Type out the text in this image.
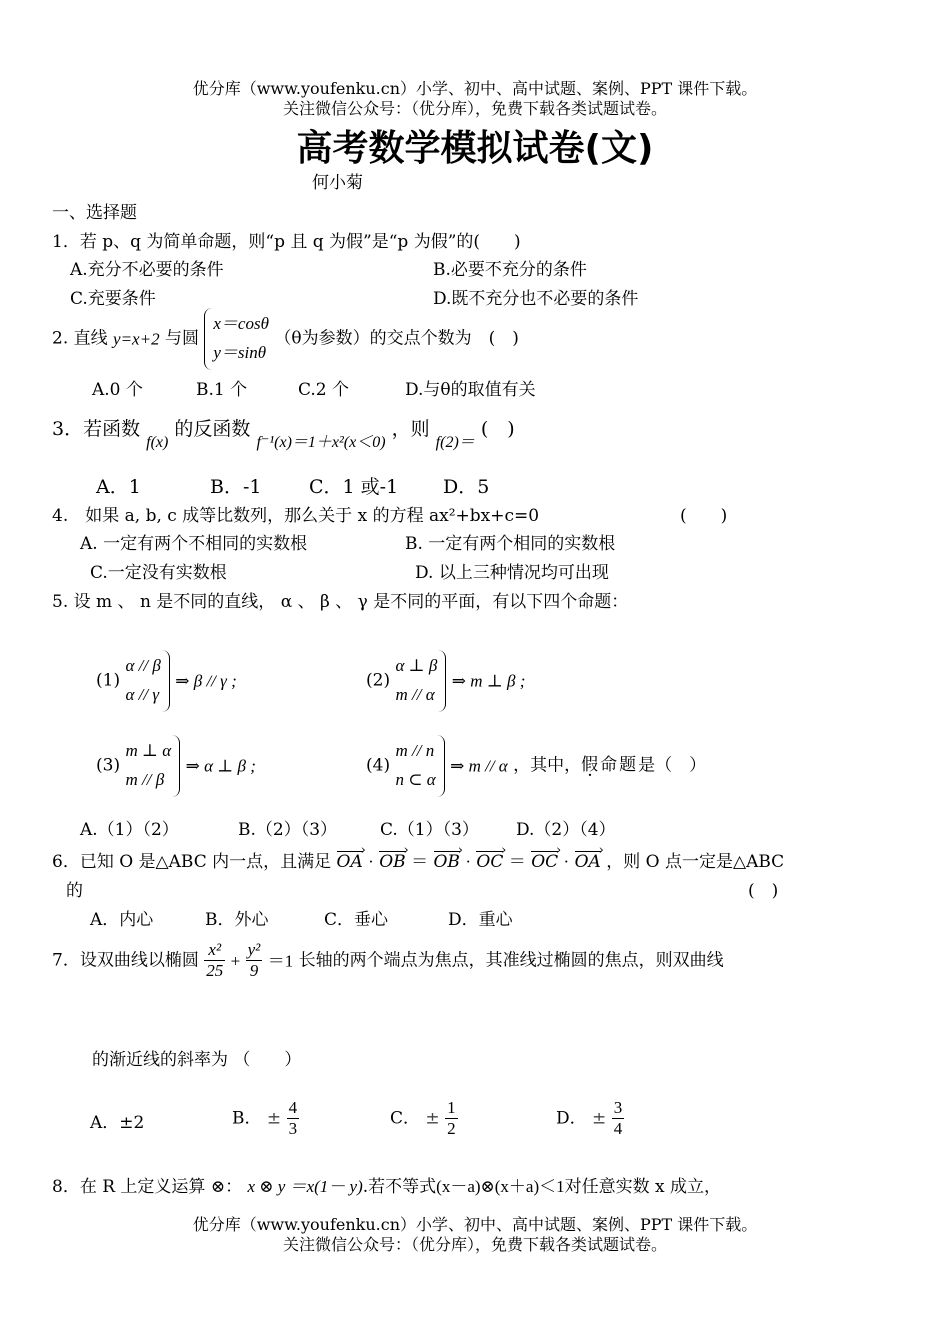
优分库（www.youfenku.cn）小学、初中、高中试题、案例、PPT 课件下载。
关注微信公众号：（优分库），免费下载各类试题试卷。
高考数学模拟试卷(文)
何小菊
一、选择题
1．若 p、q 为简单命题，则“p 且 q 为假”是“p 为假”的(　　)
A.充分不必要的条件	B.必要不充分的条件
C.充要条件	D.既不充分也不必要的条件
2. 直线 y=x+2 与圆
x＝cosθ
y＝sinθ
（θ为参数）的交点个数为　(　)
A.0 个	B.1 个	C.2 个	D.与θ的取值有关
3．若函数 $_{f(x)}$ 的反函数 $_{f^{-1}(x)=1+x^2(x<0)}$ ，则 $_{f(2)=}$ (　)
A．1	B．-1	C．1 或-1 D．5
4.　如果 a, b, c 成等比数列，那么关于 x 的方程 ax²+bx+c=0	(　　)
A. 一定有两个不相同的实数根	B. 一定有两个相同的实数根
C.一定没有实数根	D. 以上三种情况均可出现
5. 设 m 、 n 是不同的直线， α 、 β 、 γ 是不同的平面，有以下四个命题：
(1)
α // β
α // γ
⇒ β // γ ;	(2)
α ⊥ β
m // α
⇒ m ⊥ β ;
(3)
m ⊥ α
m // β
⇒ α ⊥ β ;	(4)
m // n
n ⊂ α
⇒ m // α ，其中，假命题是（　）
A.（1）（2）	B.（2）（3）	C.（1）（3） D.（2）（4）
6．已知 O 是△ABC 内一点，且满足 OA › · OB › ＝ OB › · OC › ＝ OC › · OA › ，则 O 点一定是△ABC
的	(　)
A．内心	B．外心	C．垂心	D．重心
7．设双曲线以椭圆 $\frac{\text{x²}}{25} + \frac{\text{y²}}{9} =1$ 长轴的两个端点为焦点，其准线过椭圆的焦点，则双曲线
的渐近线的斜率为 （　　）
A．±2	B． ± $\frac{4}{3}$	C． ± $\frac{1}{2}$	D． ± $\frac{3}{4}$
8．在 R 上定义运算 ⊗： x ⊗ y ＝x(1－ y).若不等式(x－a)⊗(x＋a)＜1对任意实数 x 成立，
优分库（www.youfenku.cn）小学、初中、高中试题、案例、PPT 课件下载。
关注微信公众号：（优分库），免费下载各类试题试卷。
